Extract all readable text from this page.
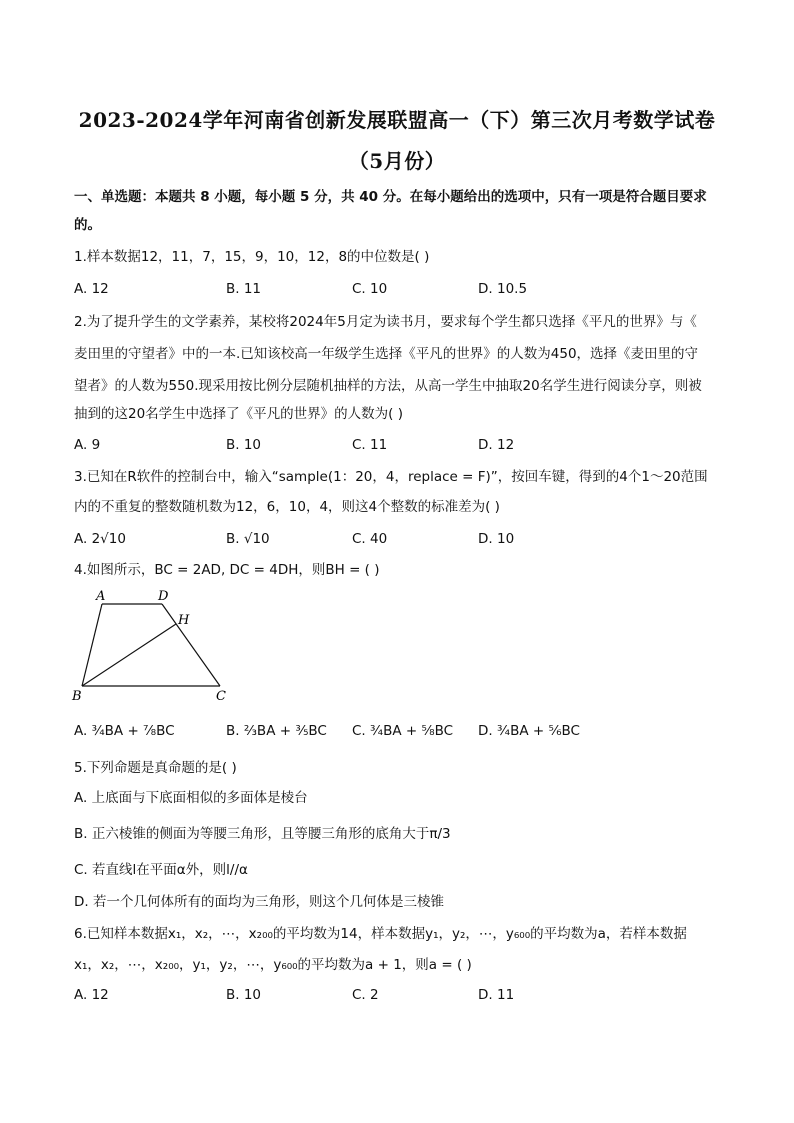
2023-2024学年河南省创新发展联盟高一（下）第三次月考数学试卷
（5月份）
一、单选题：本题共 8 小题，每小题 5 分，共 40 分。在每小题给出的选项中，只有一项是符合题目要求
的。
1.样本数据12，11，7，15，9，10，12，8的中位数是( )
A. 12	B. 11	C. 10	D. 10.5
2.为了提升学生的文学素养，某校将2024年5月定为读书月，要求每个学生都只选择《平凡的世界》与《
麦田里的守望者》中的一本.已知该校高一年级学生选择《平凡的世界》的人数为450，选择《麦田里的守
望者》的人数为550.现采用按比例分层随机抽样的方法，从高一学生中抽取20名学生进行阅读分享，则被
抽到的这20名学生中选择了《平凡的世界》的人数为( )
A. 9	B. 10	C. 11	D. 12
3.已知在R软件的控制台中，输入“sample(1：20，4，replace = F)”，按回车键，得到的4个1～20范围
内的不重复的整数随机数为12，6，10，4，则这4个整数的标准差为( )
A. 2√10	B. √10	C. 40	D. 10
4.如图所示，BC = 2AD, DC = 4DH，则BH = ( )
A	D
H
B	C
A. ¾BA + ⅞BC	B. ⅔BA + ⅗BC C. ¾BA + ⅝BC D. ¾BA + ⅚BC
5.下列命题是真命题的是( )
A. 上底面与下底面相似的多面体是棱台
B. 正六棱锥的侧面为等腰三角形，且等腰三角形的底角大于π/3
C. 若直线l在平面α外，则l//α
D. 若一个几何体所有的面均为三角形，则这个几何体是三棱锥
6.已知样本数据x₁，x₂，⋯，x₂₀₀的平均数为14，样本数据y₁，y₂，⋯，y₆₀₀的平均数为a，若样本数据
x₁，x₂，⋯，x₂₀₀，y₁，y₂，⋯，y₆₀₀的平均数为a + 1，则a = ( )
A. 12	B. 10	C. 2	D. 11
